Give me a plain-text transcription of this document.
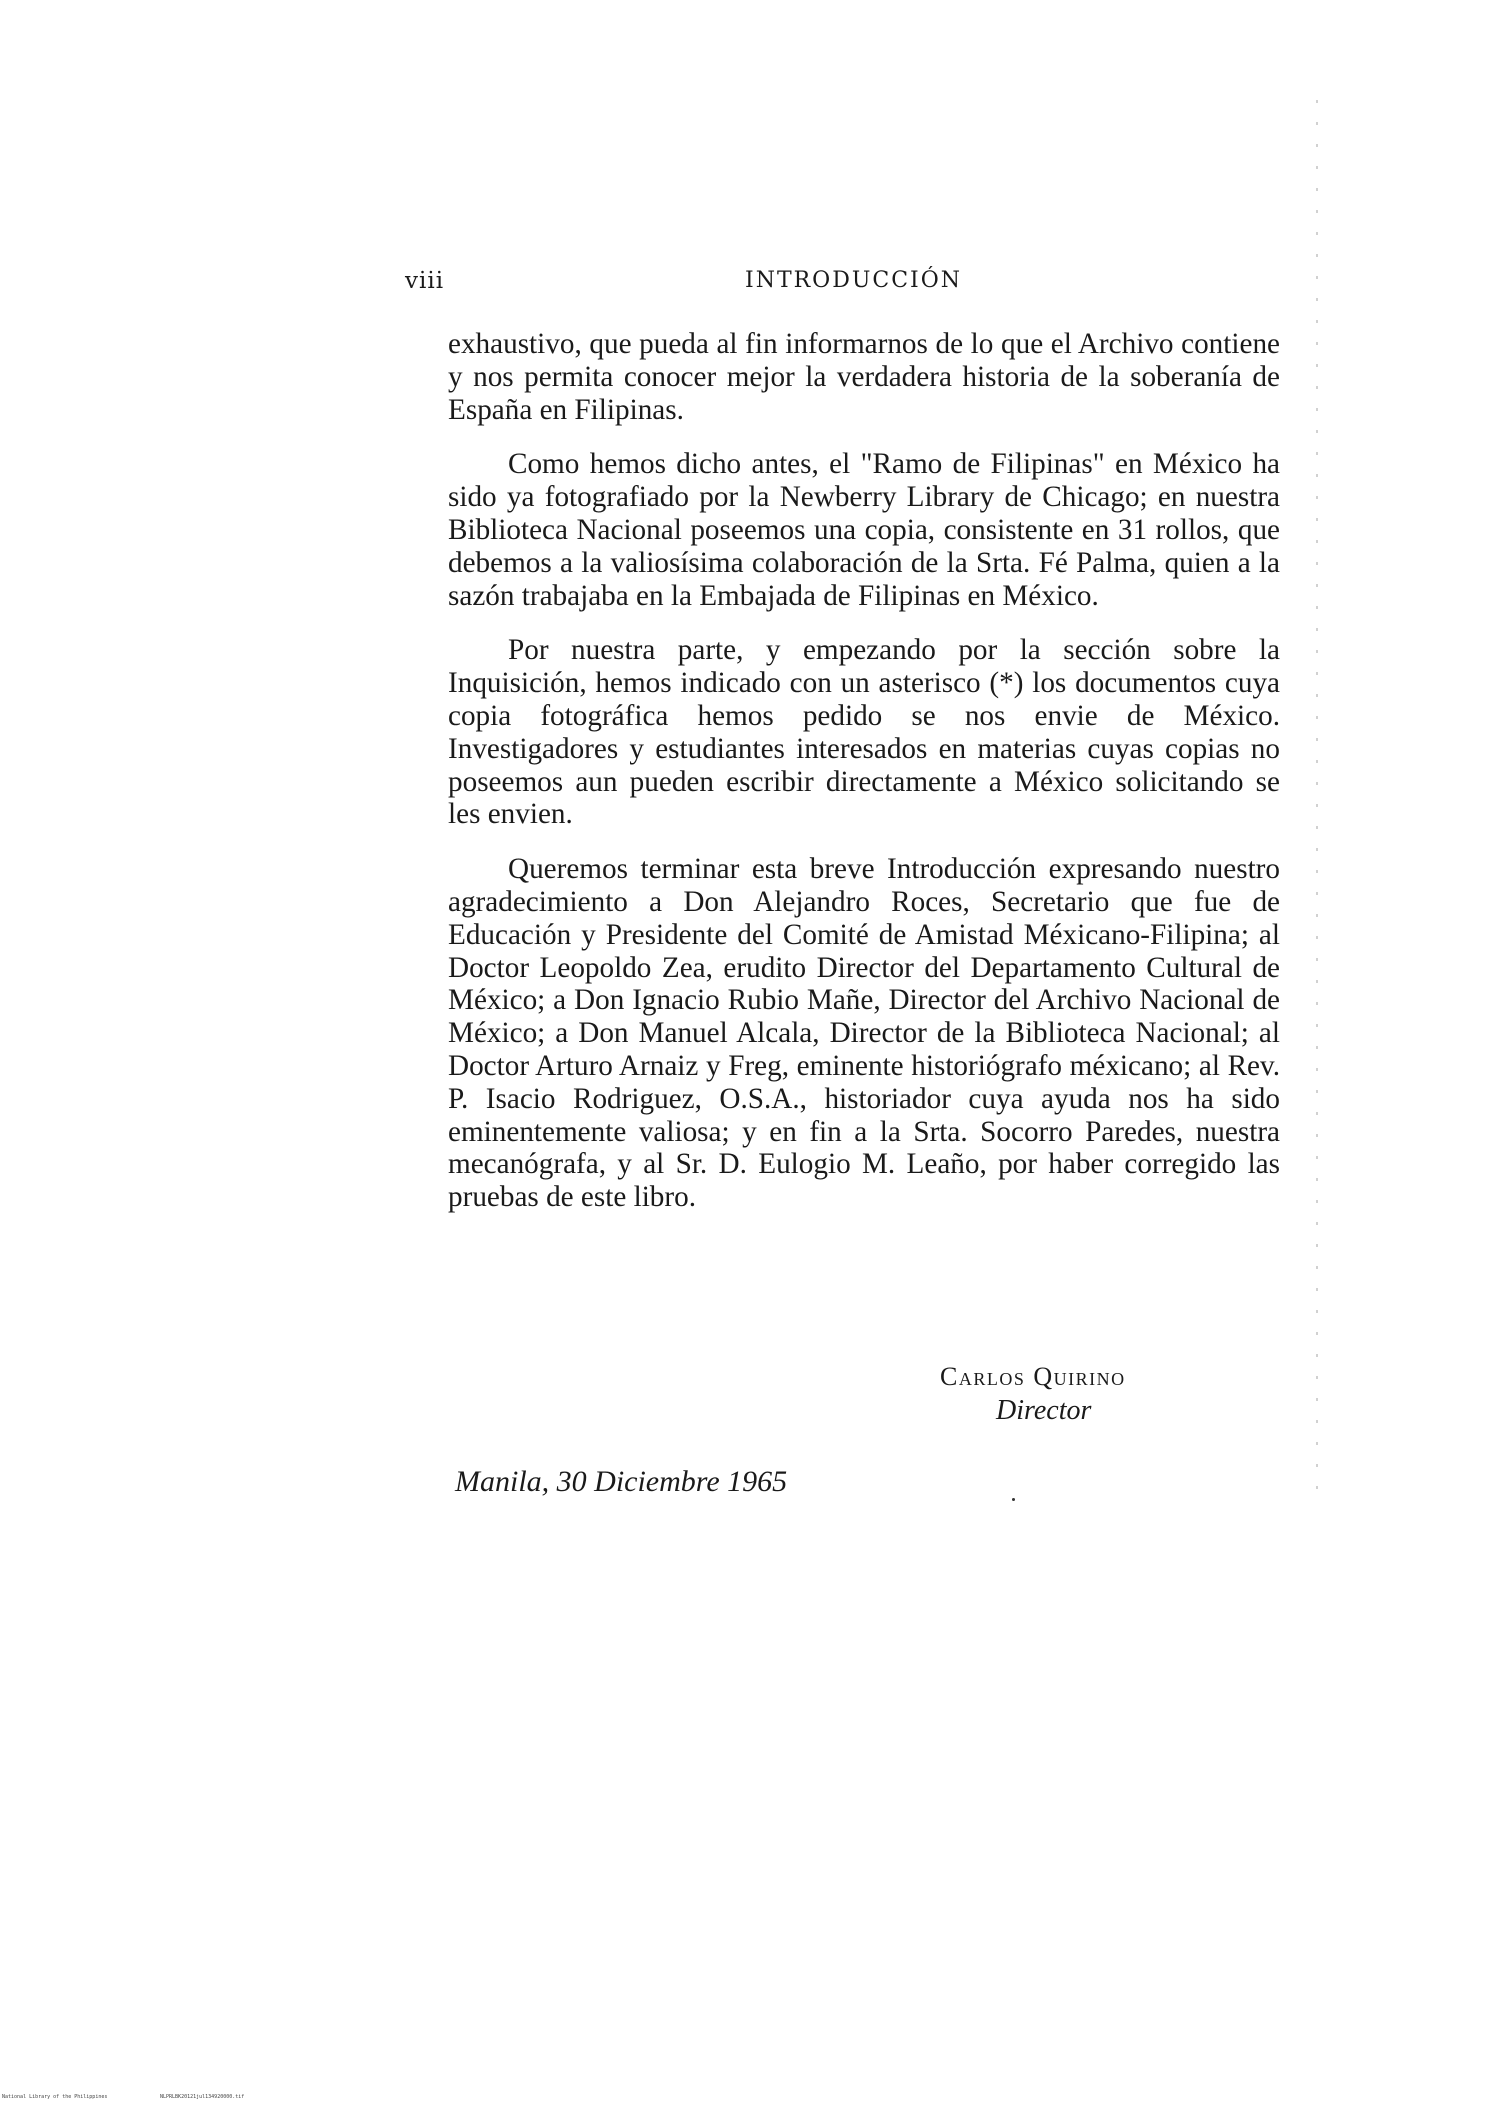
viii	INTRODUCCIÓN

exhaustivo, que pueda al fin informarnos de lo que el Archivo contiene y nos permita conocer mejor la verdadera historia de la soberanía de España en Filipinas.

Como hemos dicho antes, el "Ramo de Filipinas" en México ha sido ya fotografiado por la Newberry Library de Chicago; en nuestra Biblioteca Nacional poseemos una copia, consistente en 31 rollos, que debemos a la valiosísima colaboración de la Srta. Fé Palma, quien a la sazón trabajaba en la Embajada de Filipinas en México.

Por nuestra parte, y empezando por la sección sobre la Inquisición, hemos indicado con un asterisco (*) los documentos cuya copia fotográfica hemos pedido se nos envie de México. Investigadores y estudiantes interesados en materias cuyas copias no poseemos aun pueden escribir directamente a México solicitando se les envien.

Queremos terminar esta breve Introducción expresando nuestro agradecimiento a Don Alejandro Roces, Secretario que fue de Educación y Presidente del Comité de Amistad Méxicano-Filipina; al Doctor Leopoldo Zea, erudito Director del Departamento Cultural de México; a Don Ignacio Rubio Mañe, Director del Archivo Nacional de México; a Don Manuel Alcala, Director de la Biblioteca Nacional; al Doctor Arturo Arnaiz y Freg, eminente historiógrafo méxicano; al Rev. P. Isacio Rodriguez, O.S.A., historiador cuya ayuda nos ha sido eminentemente valiosa; y en fin a la Srta. Socorro Paredes, nuestra mecanógrafa, y al Sr. D. Eulogio M. Leaño, por haber corregido las pruebas de este libro.

Carlos Quirino
Director
Manila, 30 Diciembre 1965
National Library of the Philippines	NLPRLBK20121jul134920000.tif
